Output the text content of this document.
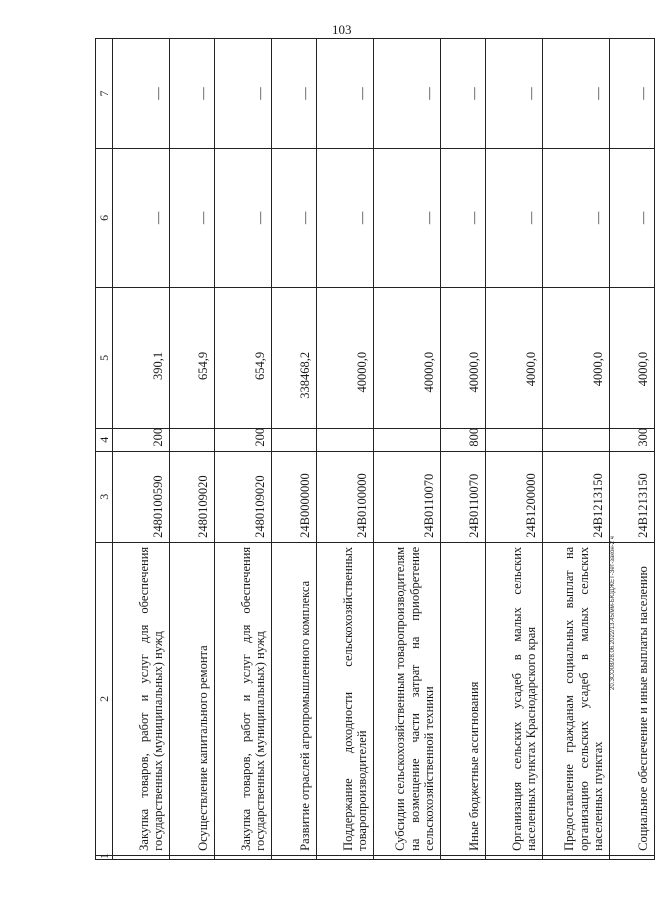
103
20.ЗСО08/28.06.2022/13.45/мм-БЮДЖЕТ-Зет-закон-2 ч
1	2	3	4	5	6	7
	Закупка товаров, работ и услуг для обеспечения государственных (муниципальных) нужд	2480100590	200	390,1	—	—
	Осуществление капитального ремонта	2480109020		654,9	—	—
	Закупка товаров, работ и услуг для обеспечения государственных (муниципальных) нужд	2480109020	200	654,9	—	—
	Развитие отраслей агропромышленного комплекса	24В0000000		338468,2	—	—
	Поддержание доходности сельскохозяйственных товаропроизводителей	24В0100000		40000,0	—	—
	Субсидии сельскохозяйственным товаропроизводителям на возмещение части затрат на приобретение сельскохозяйственной техники	24В0110070		40000,0	—	—
	Иные бюджетные ассигнования	24В0110070	800	40000,0	—	—
	Организация сельских усадеб в малых сельских населенных пунктах Краснодарского края	24В1200000		4000,0	—	—
	Предоставление гражданам социальных выплат на организацию сельских усадеб в малых сельских населенных пунктах	24В1213150		4000,0	—	—
	Социальное обеспечение и иные выплаты населению	24В1213150	300	4000,0	—	—
